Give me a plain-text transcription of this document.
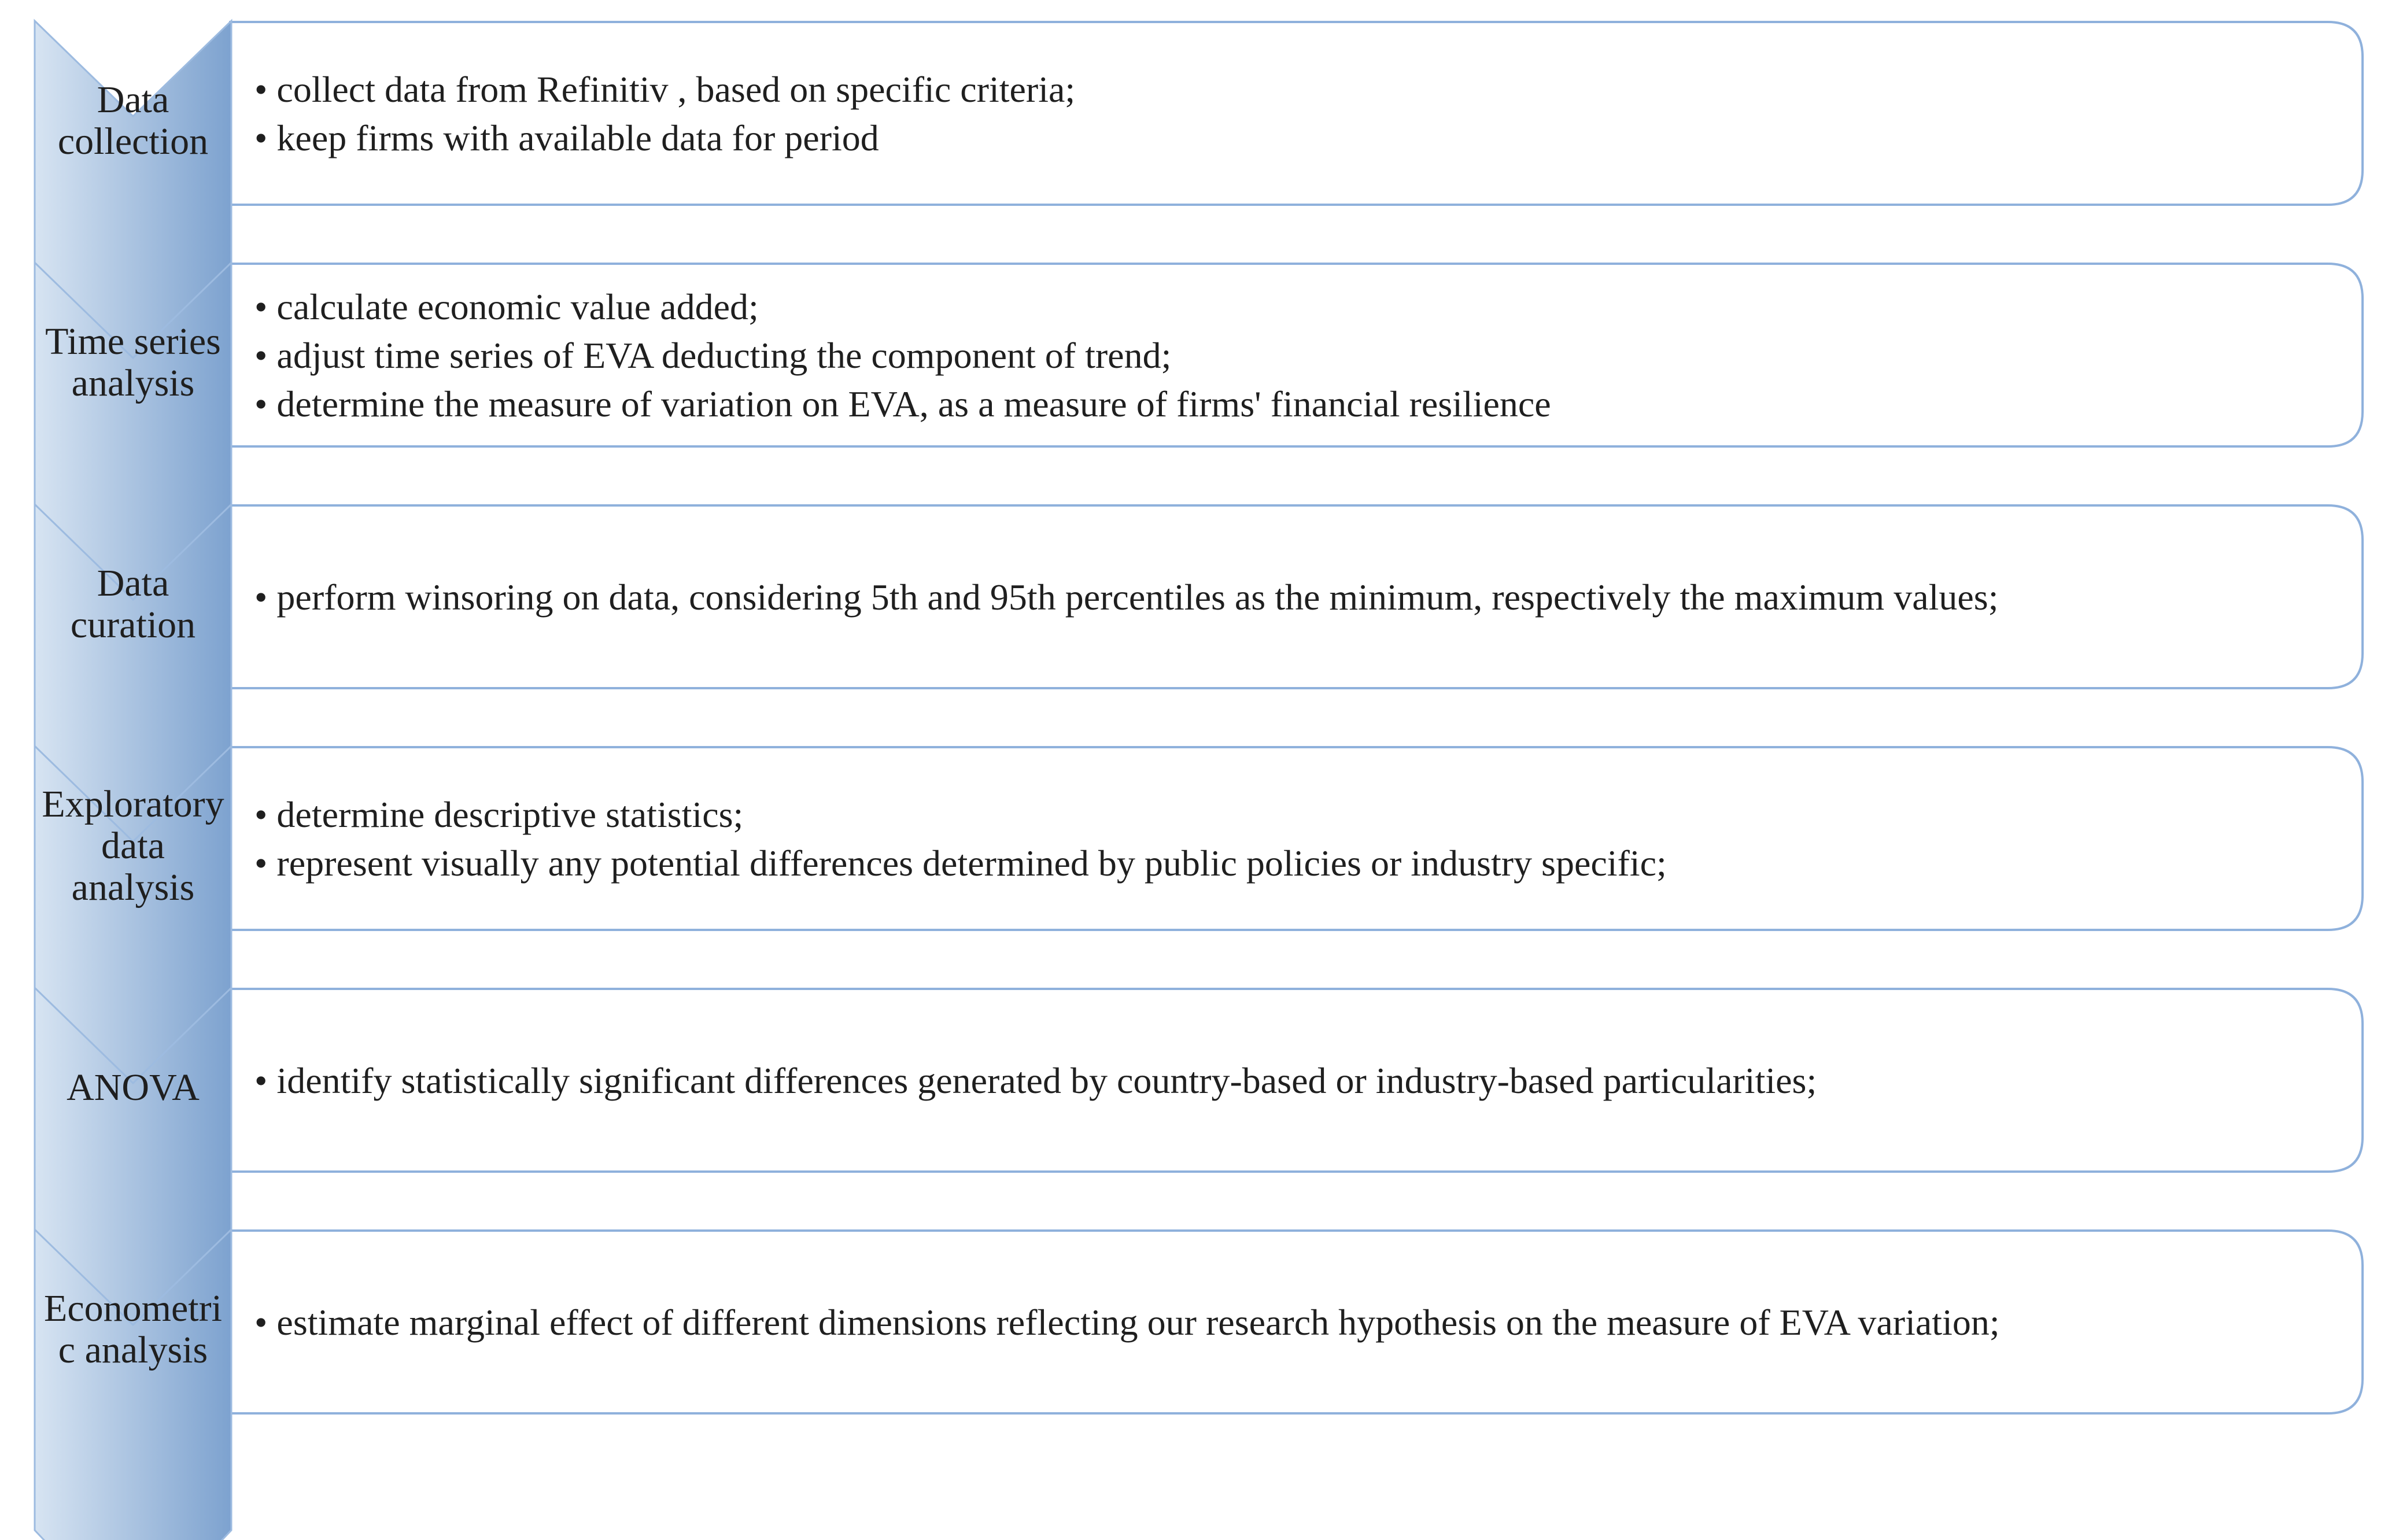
• collect data from Refinitiv , based on specific criteria;
• keep firms with available data for period
• calculate economic value added;
• adjust time series of EVA deducting the component of trend;
• determine the measure of variation on EVA, as a measure of firms' financial resilience
• perform winsoring on data, considering 5th and 95th percentiles as the minimum, respectively the maximum values;
• determine descriptive statistics;
• represent visually any potential differences determined by public policies or industry specific;
• identify statistically significant differences generated by country-based or industry-based particularities;
• estimate marginal effect of different dimensions reflecting our research hypothesis on the measure of EVA variation;
Data
collection
Time series
analysis
Data
curation
Exploratory
data
analysis
ANOVA
Econometri
c analysis
